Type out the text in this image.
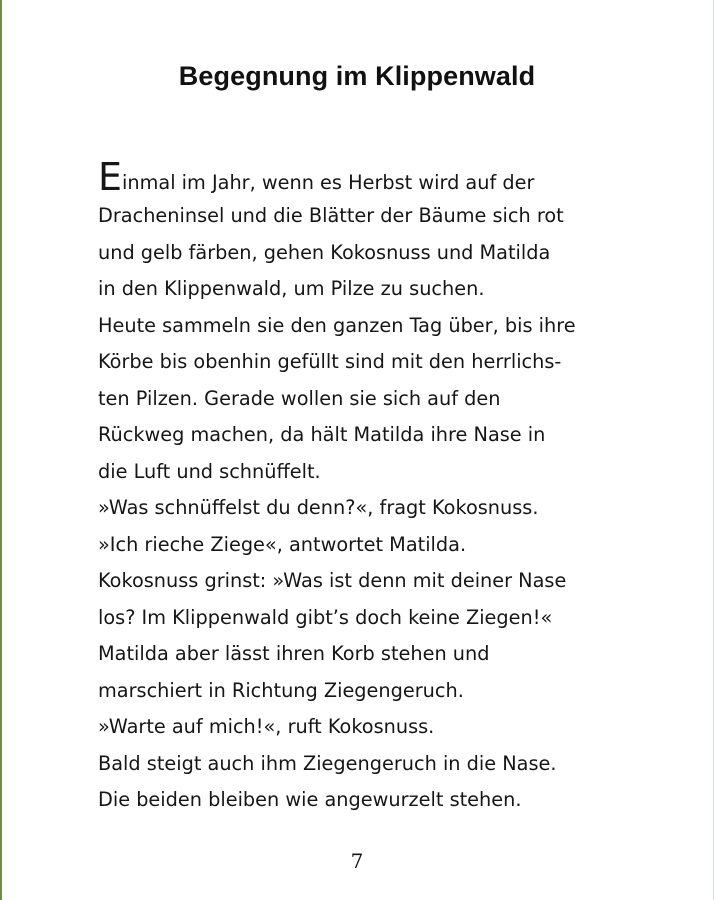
Begegnung im Klippenwald
Einmal im Jahr, wenn es Herbst wird auf der
Dracheninsel und die Blätter der Bäume sich rot
und gelb färben, gehen Kokosnuss und Matilda
in den Klippenwald, um Pilze zu suchen.
Heute sammeln sie den ganzen Tag über, bis ihre
Körbe bis obenhin gefüllt sind mit den herrlichs-
ten Pilzen. Gerade wollen sie sich auf den
Rückweg machen, da hält Matilda ihre Nase in
die Luft und schnüffelt.
»Was schnüffelst du denn?«, fragt Kokosnuss.
»Ich rieche Ziege«, antwortet Matilda.
Kokosnuss grinst: »Was ist denn mit deiner Nase
los? Im Klippenwald gibt’s doch keine Ziegen!«
Matilda aber lässt ihren Korb stehen und
marschiert in Richtung Ziegengeruch.
»Warte auf mich!«, ruft Kokosnuss.
Bald steigt auch ihm Ziegengeruch in die Nase.
Die beiden bleiben wie angewurzelt stehen.
7
